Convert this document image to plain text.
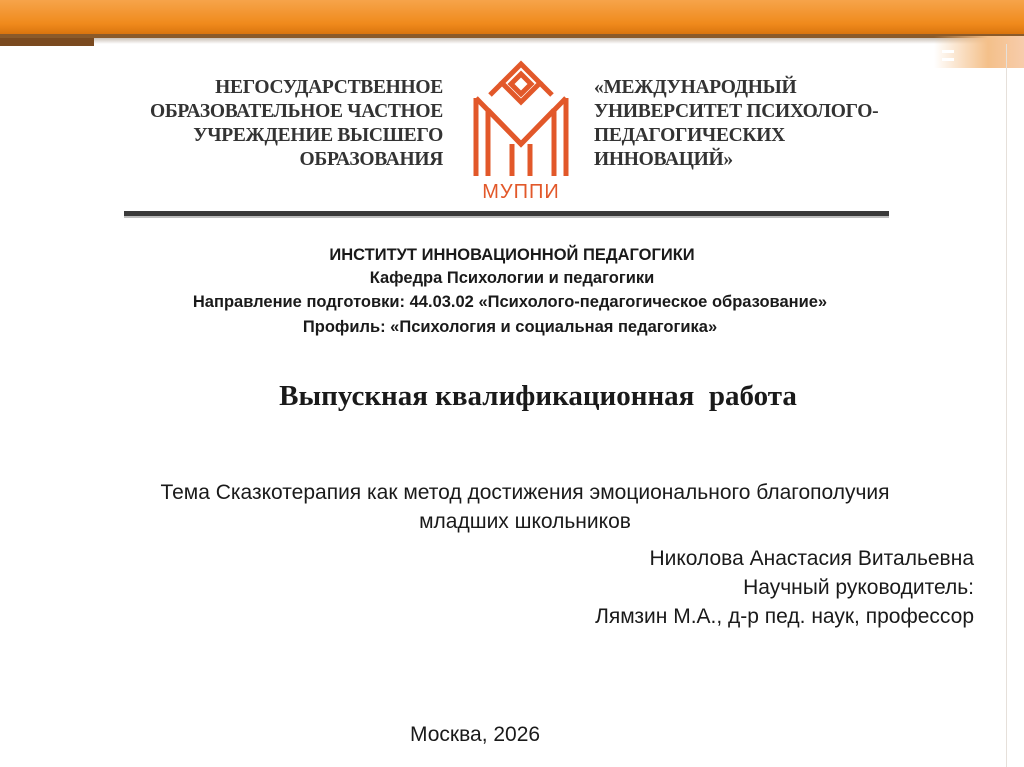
НЕГОСУДАРСТВЕННОЕ
ОБРАЗОВАТЕЛЬНОЕ ЧАСТНОЕ
УЧРЕЖДЕНИЕ ВЫСШЕГО
ОБРАЗОВАНИЯ
МУППИ
«МЕЖДУНАРОДНЫЙ
УНИВЕРСИТЕТ ПСИХОЛОГО-
ПЕДАГОГИЧЕСКИХ
ИННОВАЦИЙ»
ИНСТИТУТ ИННОВАЦИОННОЙ ПЕДАГОГИКИ
Кафедра Психологии и педагогики
Направление подготовки: 44.03.02 «Психолого-педагогическое образование»
Профиль: «Психология и социальная педагогика»
Выпускная квалификационная  работа
Тема Сказкотерапия как метод достижения эмоционального благополучия
младших школьников
Николова Анастасия Витальевна
Научный руководитель:
Лямзин М.А., д-р пед. наук, профессор
Москва, 2026
